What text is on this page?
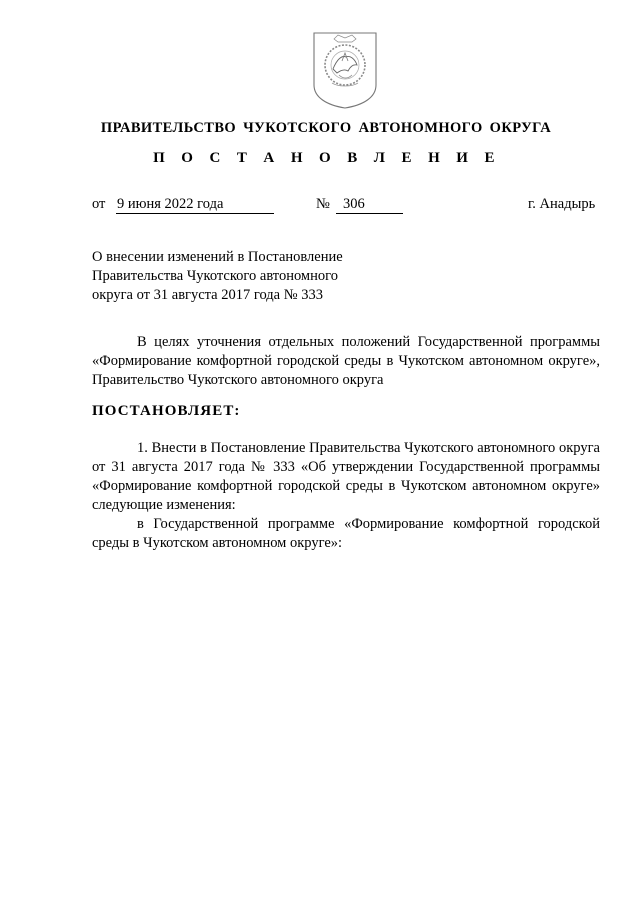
ПРАВИТЕЛЬСТВО ЧУКОТСКОГО АВТОНОМНОГО ОКРУГА
П О С Т А Н О В Л Е Н И Е
от 9 июня 2022 года	№ 306	г. Анадырь
О внесении изменений в Постановление
Правительства Чукотского автономного
округа от 31 августа 2017 года № 333
В целях уточнения отдельных положений Государственной программы «Формирование комфортной городской среды в Чукотском автономном округе», Правительство Чукотского автономного округа
ПОСТАНОВЛЯЕТ:
1. Внести в Постановление Правительства Чукотского автономного округа от 31 августа 2017 года № 333 «Об утверждении Государственной программы «Формирование комфортной городской среды в Чукотском автономном округе» следующие изменения:
в Государственной программе «Формирование комфортной городской среды в Чукотском автономном округе»:
